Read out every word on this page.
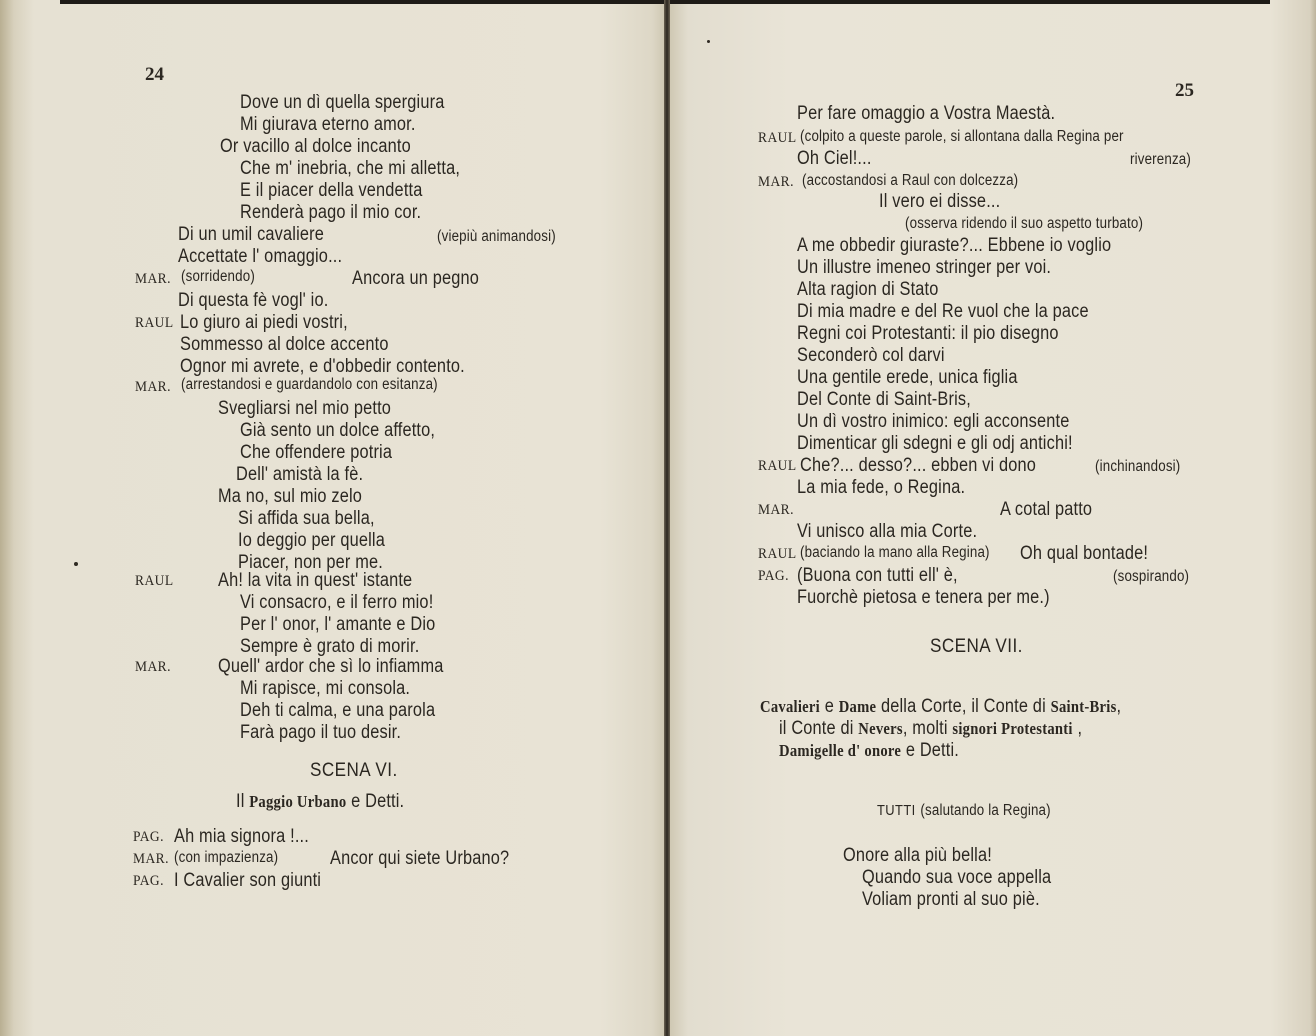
24
Dove un dì quella spergiura
Mi giurava eterno amor.
Or vacillo al dolce incanto
Che m' inebria, che mi alletta,
E il piacer della vendetta
Renderà pago il mio cor.
Di un umil cavaliere	(viepiù animandosi)
Accettate l' omaggio...
MAR. (sorridendo)	Ancora un pegno
Di questa fè vogl' io.
RAUL Lo giuro ai piedi vostri,
Sommesso al dolce accento
Ognor mi avrete, e d'obbedir contento.
MAR. (arrestandosi e guardandolo con esitanza)
Svegliarsi nel mio petto
Già sento un dolce affetto,
Che offendere potria
Dell' amistà la fè.
Ma no, sul mio zelo
Si affida sua bella,
Io deggio per quella
Piacer, non per me.
RAUL Ah! la vita in quest' istante
Vi consacro, e il ferro mio!
Per l' onor, l' amante e Dio
Sempre è grato di morir.
MAR. Quell' ardor che sì lo infiamma
Mi rapisce, mi consola.
Deh ti calma, e una parola
Farà pago il tuo desir.
SCENA VI.
Il Paggio Urbano e Detti.
PAG. Ah mia signora !...
MAR. (con impazienza)	Ancor qui siete Urbano?
PAG. I Cavalier son giunti
25
Per fare omaggio a Vostra Maestà.
RAUL (colpito a queste parole, si allontana dalla Regina per
Oh Ciel!...	riverenza)
MAR. (accostandosi a Raul con dolcezza)
Il vero ei disse...
(osserva ridendo il suo aspetto turbato)
A me obbedir giuraste?... Ebbene io voglio
Un illustre imeneo stringer per voi.
Alta ragion di Stato
Di mia madre e del Re vuol che la pace
Regni coi Protestanti: il pio disegno
Seconderò col darvi
Una gentile erede, unica figlia
Del Conte di Saint-Bris,
Un dì vostro inimico: egli acconsente
Dimenticar gli sdegni e gli odj antichi!
RAUL Che?... desso?... ebben vi dono	(inchinandosi)
La mia fede, o Regina.
MAR.	A cotal patto
Vi unisco alla mia Corte.
RAUL (baciando la mano alla Regina) Oh qual bontade!
PAG. (Buona con tutti ell' è,	(sospirando)
Fuorchè pietosa e tenera per me.)
SCENA VII.
Cavalieri e Dame della Corte, il Conte di Saint-Bris,
il Conte di Nevers, molti signori Protestanti ,
Damigelle d' onore e Detti.
TUTTI (salutando la Regina)
Onore alla più bella!
Quando sua voce appella
Voliam pronti al suo piè.
